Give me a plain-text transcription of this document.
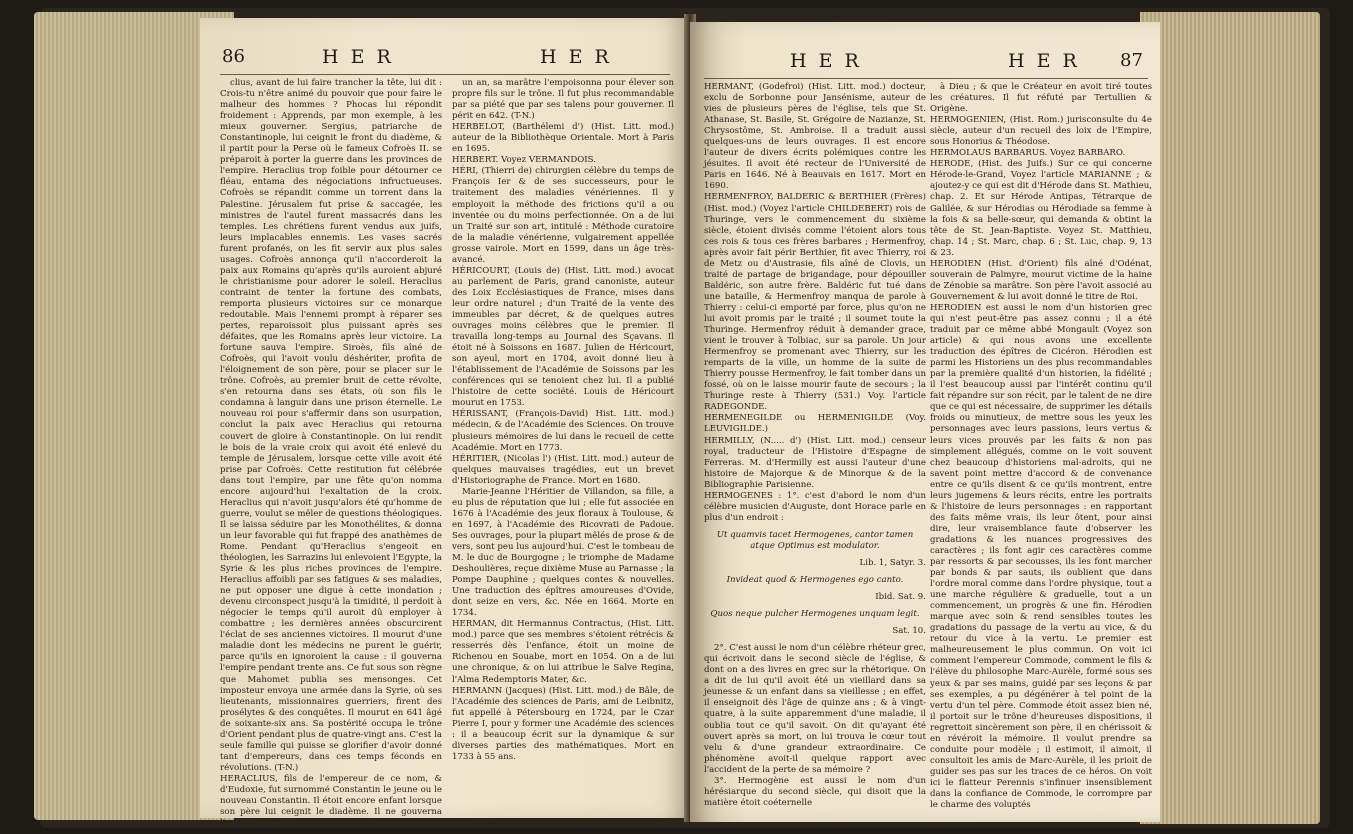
86	H E R	H E R

clius, avant de lui faire trancher la tête, lui dit : Crois-tu n'être animé du pouvoir que pour faire le malheur des hommes ? Phocas lui répondit froidement : Apprends, par mon exemple, à les mieux gouverner. Sergius, patriarche de Constantinople, lui ceignit le front du diadème, & il partit pour la Perse où le fameux Cofroès II. se préparoit à porter la guerre dans les provinces de l'empire. Heraclius trop foible pour détourner ce fléau, entama des négociations infructueuses. Cofroès se répandit comme un torrent dans la Palestine. Jérusalem fut prise & saccagée, les ministres de l'autel furent massacrés dans les temples. Les chrétiens furent vendus aux juifs, leurs implacables ennemis. Les vases sacrés furent profanés, on les fit servir aux plus sales usages. Cofroès annonça qu'il n'accorderoit la paix aux Romains qu'après qu'ils auroient abjuré le christianisme pour adorer le soleil. Heraclius contraint de tenter la fortune des combats, remporta plusieurs victoires sur ce monarque redoutable. Mais l'ennemi prompt à réparer ses pertes, reparoissoit plus puissant après ses défaites, que les Romains après leur victoire. La fortune sauva l'empire. Siroès, fils aîné de Cofroès, qui l'avoit voulu déshériter, profita de l'éloignement de son père, pour se placer sur le trône. Cofroès, au premier bruit de cette révolte, s'en retourna dans ses états, où son fils le condamna à languir dans une prison éternelle. Le nouveau roi pour s'affermir dans son usurpation, conclut la paix avec Heraclius qui retourna couvert de gloire à Constantinople. On lui rendit le bois de la vraie croix qui avoit été enlevé du temple de Jérusalem, lorsque cette ville avoit été prise par Cofroès. Cette restitution fut célébrée dans tout l'empire, par une fête qu'on nomma encore aujourd'hui l'exaltation de la croix. Heraclius qui n'avoit jusqu'alors été qu'homme de guerre, voulut se mêler de questions théologiques. Il se laissa séduire par les Monothélites, & donna un leur favorable qui fut frappé des anathèmes de Rome. Pendant qu'Heraclius s'engeoit en théologien, les Sarrazins lui enlevoient l'Egypte, la Syrie & les plus riches provinces de l'empire. Heraclius affoibli par ses fatigues & ses maladies, ne put opposer une digue à cette inondation ; devenu circonspect jusqu'à la timidité, il perdoit à négocier le temps qu'il auroit dû employer à combattre ; les dernières années obscurcirent l'éclat de ses anciennes victoires. Il mourut d'une maladie dont les médecins ne purent le guérir, parce qu'ils en ignoroient la cause : il gouverna l'empire pendant trente ans. Ce fut sous son règne que Mahomet publia ses mensonges. Cet imposteur envoya une armée dans la Syrie, où ses lieutenants, missionnaires guerriers, firent des prosélytes & des conquêtes. Il mourut en 641 âgé de soixante-six ans. Sa postérité occupa le trône d'Orient pendant plus de quatre-vingt ans. C'est la seule famille qui puisse se glorifier d'avoir donné tant d'empereurs, dans ces temps féconds en révolutions. (T-N.)

HERACLIUS, fils de l'empereur de ce nom, & d'Eudoxie, fut surnommé Constantin le jeune ou le nouveau Constantin. Il étoit encore enfant lorsque son père lui ceignit le diadème. Il ne gouverna l'empire que pendant

un an, sa marâtre l'empoisonna pour élever son propre fils sur le trône. Il fut plus recommandable par sa piété que par ses talens pour gouverner. Il périt en 642. (T-N.)

HERBELOT, (Barthélemi d') (Hist. Litt. mod.) auteur de la Bibliothèque Orientale. Mort à Paris en 1695.

HERBERT. Voyez VERMANDOIS.

HÉRI, (Thierri de) chirurgien célèbre du temps de François Ier & de ses successeurs, pour le traitement des maladies vénériennes. Il y employoit la méthode des frictions qu'il a ou inventée ou du moins perfectionnée. On a de lui un Traité sur son art, intitulé : Méthode curatoire de la maladie vénérienne, vulgairement appellée grosse vairole. Mort en 1599, dans un âge très-avancé.

HÉRICOURT, (Louis de) (Hist. Litt. mod.) avocat au parlement de Paris, grand canoniste, auteur des Loix Ecclésiastiques de France, mises dans leur ordre naturel ; d'un Traité de la vente des immeubles par décret, & de quelques autres ouvrages moins célèbres que le premier. Il travailla long-temps au Journal des Sçavans. Il étoit né à Soissons en 1687. Julien de Héricourt, son ayeul, mort en 1704, avoit donné lieu à l'établissement de l'Académie de Soissons par les conférences qui se tenoient chez lui. Il a publié l'histoire de cette société. Louis de Héricourt mourut en 1753.

HÉRISSANT, (François-David) Hist. Litt. mod.) médecin, & de l'Académie des Sciences. On trouve plusieurs mémoires de lui dans le recueil de cette Académie. Mort en 1773.

HÉRITIER, (Nicolas l') (Hist. Litt. mod.) auteur de quelques mauvaises tragédies, eut un brevet d'Historiographe de France. Mort en 1680.

Marie-Jeanne l'Héritier de Villandon, sa fille, a eu plus de réputation que lui ; elle fut associée en 1676 à l'Académie des jeux floraux à Toulouse, & en 1697, à l'Académie des Ricovrati de Padoue. Ses ouvrages, pour la plupart mêlés de prose & de vers, sont peu lus aujourd'hui. C'est le tombeau de M. le duc de Bourgogne ; le triomphe de Madame Deshoulières, reçue dixième Muse au Parnasse ; la Pompe Dauphine ; quelques contes & nouvelles. Une traduction des épîtres amoureuses d'Ovide, dont seize en vers, &c. Née en 1664. Morte en 1734.

HERMAN, dit Hermannus Contractus, (Hist. Litt. mod.) parce que ses membres s'étoient rétrécis & resserrés dès l'enfance, étoit un moine de Richenou en Souabe, mort en 1054. On a de lui une chronique, & on lui attribue le Salve Regina, l'Alma Redemptoris Mater, &c.

HERMANN (Jacques) (Hist. Litt. mod.) de Bâle, de l'Académie des sciences de Paris, ami de Leibnitz, fut appellé à Pétersbourg en 1724, par le Czar Pierre I, pour y former une Académie des sciences : il a beaucoup écrit sur la dynamique & sur diverses parties des mathématiques. Mort en 1733 à 55 ans.

H E R	H E R 87

HERMANT, (Godefroi) (Hist. Litt. mod.) docteur, exclu de Sorbonne pour Jansénisme, auteur de vies de plusieurs pères de l'église, tels que St. Athanase, St. Basile, St. Grégoire de Nazianze, St. Chrysostôme, St. Ambroise. Il a traduit aussi quelques-uns de leurs ouvrages. Il est encore l'auteur de divers écrits polémiques contre les jésuites. Il avoit été recteur de l'Université de Paris en 1646. Né à Beauvais en 1617. Mort en 1690.

HERMENFROY, BALDERIC & BERTHIER (Frères) (Hist. mod.) (Voyez l'article CHILDEBERT) rois de Thuringe, vers le commencement du sixième siècle, étoient divisés comme l'étoient alors tous ces rois & tous ces frères barbares ; Hermenfroy, après avoir fait périr Berthier, fit avec Thierry, roi de Metz ou d'Austrasie, fils aîné de Clovis, un traité de partage de brigandage, pour dépouiller Baldéric, son autre frère. Baldéric fut tué dans une bataille, & Hermenfroy manqua de parole à Thierry : celui-ci emporté par force, plus qu'on ne lui avoit promis par le traité ; il soumet toute la Thuringe. Hermenfroy réduit à demander grace, vient le trouver à Tolbiac, sur sa parole. Un jour Hermenfroy se promenant avec Thierry, sur les remparts de la ville, un homme de la suite de Thierry pousse Hermenfroy, le fait tomber dans un fossé, où on le laisse mourir faute de secours ; la Thuringe reste à Thierry (531.) Voy. l'article RADEGONDE.

HERMENEGILDE ou HERMENIGILDE (Voy. LEUVIGILDE.)

HERMILLY, (N..... d') (Hist. Litt. mod.) censeur royal, traducteur de l'Histoire d'Espagne de Ferreras. M. d'Hermilly est aussi l'auteur d'une histoire de Majorque & de Minorque & de la Bibliographie Parisienne.

HERMOGENES : 1°. c'est d'abord le nom d'un célèbre musicien d'Auguste, dont Horace parle en plus d'un endroit :

Ut quamvis tacet Hermogenes, cantor tamen atque Optimus est modulator.

Lib. 1, Satyr. 3.

Invideat quod & Hermogenes ego canto.

Ibid. Sat. 9.

Quos neque pulcher Hermogenes unquam legit.

Sat. 10.

2°. C'est aussi le nom d'un célèbre rhéteur grec, qui écrivoit dans le second siècle de l'église, & dont on a des livres en grec sur la rhétorique. On a dit de lui qu'il avoit été un vieillard dans sa jeunesse & un enfant dans sa vieillesse ; en effet, il enseignoit dès l'âge de quinze ans ; & à vingt-quatre, à la suite apparemment d'une maladie, il oublia tout ce qu'il savoit. On dit qu'ayant été ouvert après sa mort, on lui trouva le cœur tout velu & d'une grandeur extraordinaire. Ce phénomène avoit-il quelque rapport avec l'accident de la perte de sa mémoire ?

3°. Hermogène est aussi le nom d'un hérésiarque du second siècle, qui disoit que la matière étoit coéternelle

à Dieu ; & que le Créateur en avoit tiré toutes les créatures. Il fut réfuté par Tertullien & Origène.

HERMOGENIEN, (Hist. Rom.) jurisconsulte du 4e siècle, auteur d'un recueil des loix de l'Empire, sous Honorius & Théodose.

HERMOLAUS BARBARUS. Voyez BARBARO.

HERODE, (Hist. des Juifs.) Sur ce qui concerne Hérode-le-Grand, Voyez l'article MARIANNE ; & ajoutez-y ce qui est dit d'Hérode dans St. Mathieu, chap. 2. Et sur Hérode Antipas, Tétrarque de Galilée, & sur Hérodias ou Hérodiade sa femme à la fois & sa belle-sœur, qui demanda & obtint la tête de St. Jean-Baptiste. Voyez St. Matthieu, chap. 14 ; St. Marc, chap. 6 ; St. Luc, chap. 9, 13 & 23.

HERODIEN (Hist. d'Orient) fils aîné d'Odénat, souverain de Palmyre, mourut victime de la haine de Zénobie sa marâtre. Son père l'avoit associé au Gouvernement & lui avoit donné le titre de Roi.

HERODIEN est aussi le nom d'un historien grec qui n'est peut-être pas assez connu ; il a été traduit par ce même abbé Mongault (Voyez son article) & qui nous avons une excellente traduction des épîtres de Cicéron. Hérodien est parmi les Historiens un des plus recommandables par la première qualité d'un historien, la fidélité ; il l'est beaucoup aussi par l'intérêt continu qu'il fait répandre sur son récit, par le talent de ne dire que ce qui est nécessaire, de supprimer les détails froids ou minutieux, de mettre sous les yeux les personnages avec leurs passions, leurs vertus & leurs vices prouvés par les faits & non pas simplement allégués, comme on le voit souvent chez beaucoup d'historiens mal-adroits, qui ne savent point mettre d'accord & de convenance entre ce qu'ils disent & ce qu'ils montrent, entre leurs jugemens & leurs récits, entre les portraits & l'histoire de leurs personnages : en rapportant des faits même vrais, ils leur ôtent, pour ainsi dire, leur vraisemblance faute d'observer les gradations & les nuances progressives des caractères ; ils font agir ces caractères comme par ressorts & par secousses, ils les font marcher par bonds & par sauts, ils oublient que dans l'ordre moral comme dans l'ordre physique, tout a une marche régulière & graduelle, tout a un commencement, un progrès & une fin. Hérodien marque avec soin & rend sensibles toutes les gradations du passage de la vertu au vice, & du retour du vice à la vertu. Le premier est malheureusement le plus commun. On voit ici comment l'empereur Commode, comment le fils & l'élève du philosophe Marc-Aurèle, formé sous ses yeux & par ses mains, guidé par ses leçons & par ses exemples, a pu dégénérer à tel point de la vertu d'un tel père. Commode étoit assez bien né, il portoit sur le trône d'heureuses dispositions, il regrettoit sincèrement son père, il en chérissoit & en révéroit la mémoire. Il voulut prendre sa conduite pour modèle ; il estimoit, il aimoit, il consultoit les amis de Marc-Aurèle, il les prioit de guider ses pas sur les traces de ce héros. On voit ici le flatteur Perennis s'infinuer insensiblement dans la confiance de Commode, le corrompre par le charme des voluptés
